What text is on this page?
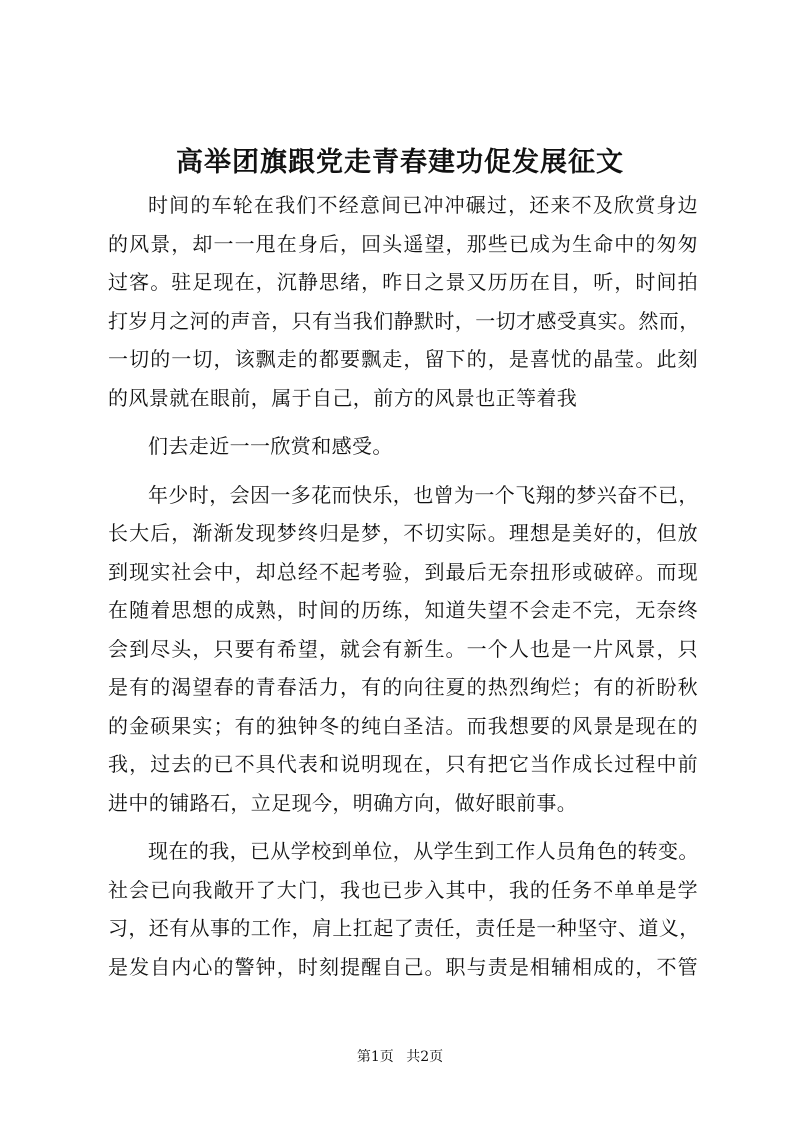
高举团旗跟党走青春建功促发展征文
时间的车轮在我们不经意间已冲冲碾过，还来不及欣赏身边
的风景，却一一甩在身后，回头遥望，那些已成为生命中的匆匆
过客。驻足现在，沉静思绪，昨日之景又历历在目，听，时间拍
打岁月之河的声音，只有当我们静默时，一切才感受真实。然而，
一切的一切，该飘走的都要飘走，留下的，是喜忧的晶莹。此刻
的风景就在眼前，属于自己，前方的风景也正等着我
们去走近一一欣赏和感受。
年少时，会因一多花而快乐，也曾为一个飞翔的梦兴奋不已，
长大后，渐渐发现梦终归是梦，不切实际。理想是美好的，但放
到现实社会中，却总经不起考验，到最后无奈扭形或破碎。而现
在随着思想的成熟，时间的历练，知道失望不会走不完，无奈终
会到尽头，只要有希望，就会有新生。一个人也是一片风景，只
是有的渴望春的青春活力，有的向往夏的热烈绚烂；有的祈盼秋
的金硕果实；有的独钟冬的纯白圣洁。而我想要的风景是现在的
我，过去的已不具代表和说明现在，只有把它当作成长过程中前
进中的铺路石，立足现今，明确方向，做好眼前事。
现在的我，已从学校到单位，从学生到工作人员角色的转变。
社会已向我敞开了大门，我也已步入其中，我的任务不单单是学
习，还有从事的工作，肩上扛起了责任，责任是一种坚守、道义，
是发自内心的警钟，时刻提醒自己。职与责是相辅相成的，不管
第1页 共2页
